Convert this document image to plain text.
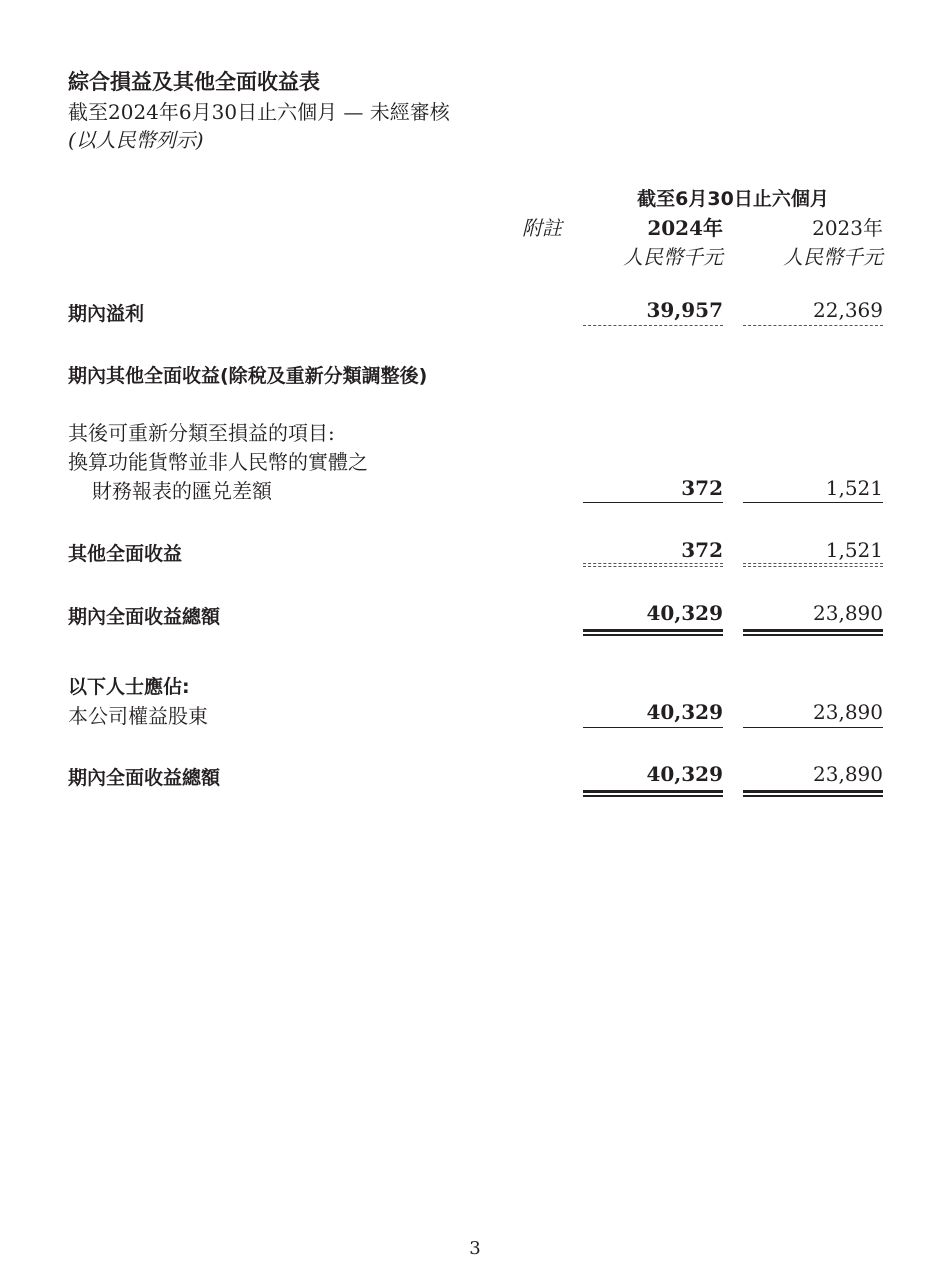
綜合損益及其他全面收益表
截至2024年6月30日止六個月 — 未經審核
(以人民幣列示)
截至6月30日止六個月
附註	2024年	2023年
人民幣千元	人民幣千元
期內溢利	39,957	22,369
期內其他全面收益(除稅及重新分類調整後)
其後可重新分類至損益的項目:
換算功能貨幣並非人民幣的實體之
財務報表的匯兑差額	372	1,521
其他全面收益	372	1,521
期內全面收益總額	40,329	23,890
以下人士應佔:
本公司權益股東	40,329	23,890
期內全面收益總額	40,329	23,890
3
